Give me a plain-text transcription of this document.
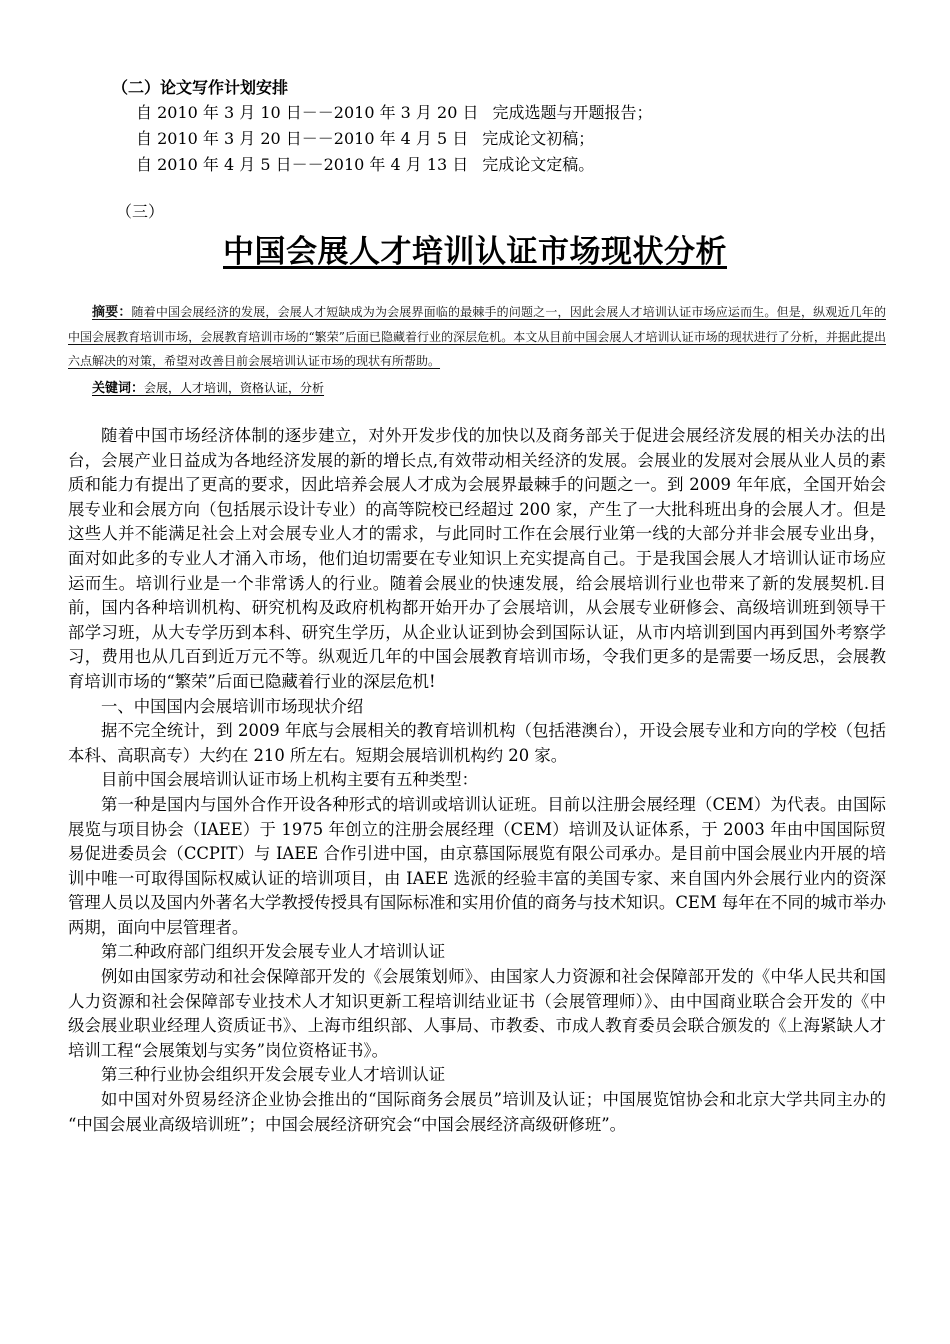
（二）论文写作计划安排
自 2010 年 3 月 10 日－－2010 年 3 月 20 日 完成选题与开题报告；
自 2010 年 3 月 20 日－－2010 年 4 月 5 日 完成论文初稿；
自 2010 年 4 月 5 日－－2010 年 4 月 13 日 完成论文定稿。

（三）

中国会展人才培训认证市场现状分析

摘要：随着中国会展经济的发展，会展人才短缺成为为会展界面临的最棘手的问题之一，因此会展人才培训认证市场应运而生。但是，纵观近几年的中国会展教育培训市场，会展教育培训市场的“繁荣”后面已隐藏着行业的深层危机。本文从目前中国会展人才培训认证市场的现状进行了分析，并据此提出六点解决的对策，希望对改善目前会展培训认证市场的现状有所帮助。

关键词：会展，人才培训，资格认证，分析

随着中国市场经济体制的逐步建立，对外开发步伐的加快以及商务部关于促进会展经济发展的相关办法的出台，会展产业日益成为各地经济发展的新的增长点,有效带动相关经济的发展。会展业的发展对会展从业人员的素质和能力有提出了更高的要求，因此培养会展人才成为会展界最棘手的问题之一。到 2009 年年底，全国开始会展专业和会展方向（包括展示设计专业）的高等院校已经超过 200 家，产生了一大批科班出身的会展人才。但是这些人并不能满足社会上对会展专业人才的需求，与此同时工作在会展行业第一线的大部分并非会展专业出身，面对如此多的专业人才涌入市场，他们迫切需要在专业知识上充实提高自己。于是我国会展人才培训认证市场应运而生。培训行业是一个非常诱人的行业。随着会展业的快速发展，给会展培训行业也带来了新的发展契机.目前，国内各种培训机构、研究机构及政府机构都开始开办了会展培训，从会展专业研修会、高级培训班到领导干部学习班，从大专学历到本科、研究生学历，从企业认证到协会到国际认证，从市内培训到国内再到国外考察学习，费用也从几百到近万元不等。纵观近几年的中国会展教育培训市场，令我们更多的是需要一场反思，会展教育培训市场的“繁荣”后面已隐藏着行业的深层危机!

一、中国国内会展培训市场现状介绍

据不完全统计，到 2009 年底与会展相关的教育培训机构（包括港澳台），开设会展专业和方向的学校（包括本科、高职高专）大约在 210 所左右。短期会展培训机构约 20 家。

目前中国会展培训认证市场上机构主要有五种类型：

第一种是国内与国外合作开设各种形式的培训或培训认证班。目前以注册会展经理（CEM）为代表。由国际展览与项目协会（IAEE）于 1975 年创立的注册会展经理（CEM）培训及认证体系，于 2003 年由中国国际贸易促进委员会（CCPIT）与 IAEE 合作引进中国，由京慕国际展览有限公司承办。是目前中国会展业内开展的培训中唯一可取得国际权威认证的培训项目，由 IAEE 选派的经验丰富的美国专家、来自国内外会展行业内的资深管理人员以及国内外著名大学教授传授具有国际标准和实用价值的商务与技术知识。CEM 每年在不同的城市举办两期，面向中层管理者。

第二种政府部门组织开发会展专业人才培训认证

例如由国家劳动和社会保障部开发的《会展策划师》、由国家人力资源和社会保障部开发的《中华人民共和国人力资源和社会保障部专业技术人才知识更新工程培训结业证书（会展管理师）》、由中国商业联合会开发的《中级会展业职业经理人资质证书》、上海市组织部、人事局、市教委、市成人教育委员会联合颁发的《上海紧缺人才培训工程“会展策划与实务”岗位资格证书》。

第三种行业协会组织开发会展专业人才培训认证

如中国对外贸易经济企业协会推出的“国际商务会展员”培训及认证；中国展览馆协会和北京大学共同主办的 “中国会展业高级培训班”；中国会展经济研究会“中国会展经济高级研修班”。
